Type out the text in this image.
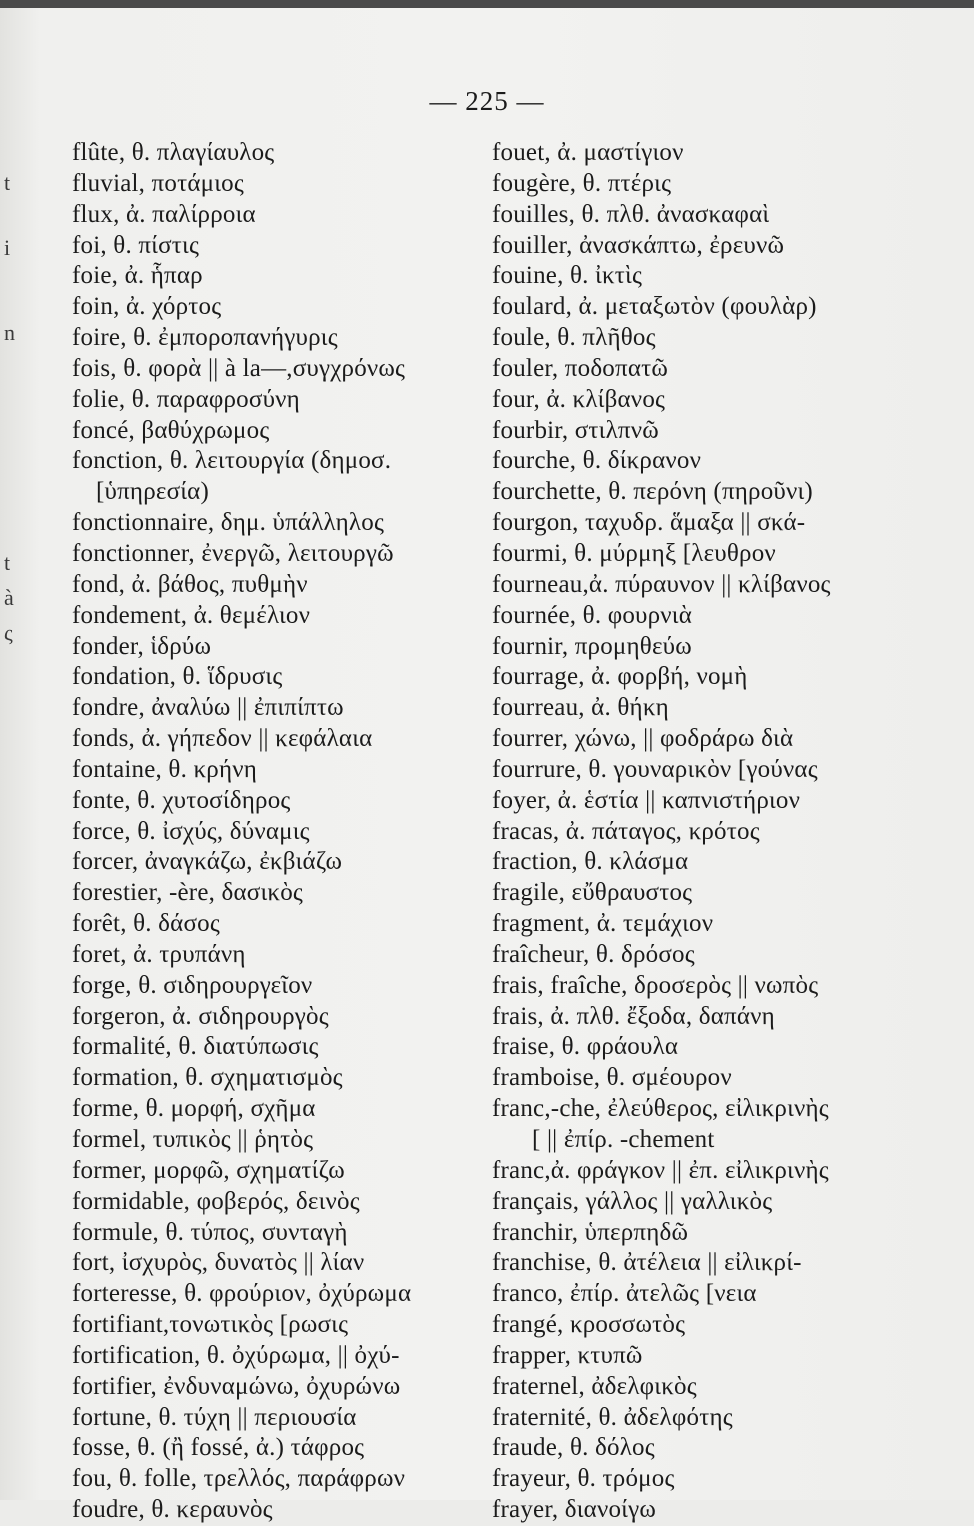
t
i
n
t
à
ς
— 225 —
flûte, θ. πλαγίαυλος
fluvial, ποτάμιος
flux, ἀ. παλίρροια
foi, θ. πίστις
foie, ἀ. ἧπαρ
foin, ἀ. χόρτος
foire, θ. ἐμποροπανήγυρις
fois, θ. φορὰ || à la—,συγχρόνως
folie, θ. παραφροσύνη
foncé, βαθύχρωμος
fonction, θ. λειτουργία (δημοσ.
[ὑπηρεσία)
fonctionnaire, δημ. ὑπάλληλος
fonctionner, ἐνεργῶ, λειτουργῶ
fond, ἀ. βάθος, πυθμὴν
fondement, ἀ. θεμέλιον
fonder, ἱδρύω
fondation, θ. ἵδρυσις
fondre, ἀναλύω || ἐπιπίπτω
fonds, ἀ. γήπεδον || κεφάλαια
fontaine, θ. κρήνη
fonte, θ. χυτοσίδηρος
force, θ. ἰσχύς, δύναμις
forcer, ἀναγκάζω, ἐκβιάζω
forestier, -ère, δασικὸς
forêt, θ. δάσος
foret, ἀ. τρυπάνη
forge, θ. σιδηρουργεῖον
forgeron, ἀ. σιδηρουργὸς
formalité, θ. διατύπωσις
formation, θ. σχηματισμὸς
forme, θ. μορφή, σχῆμα
formel, τυπικὸς || ῥητὸς
former, μορφῶ, σχηματίζω
formidable, φοβερός, δεινὸς
formule, θ. τύπος, συνταγὴ
fort, ἰσχυρὸς, δυνατὸς || λίαν
forteresse, θ. φρούριον, ὀχύρωμα
fortifiant,τονωτικὸς [ρωσις
fortification, θ. ὀχύρωμα, || ὀχύ-
fortifier, ἐνδυναμώνω, ὀχυρώνω
fortune, θ. τύχη || περιουσία
fosse, θ. (ἢ fossé, ἀ.) τάφρος
fou, θ. folle, τρελλός, παράφρων
foudre, θ. κεραυνὸς
fouet, ἀ. μαστίγιον
fougère, θ. πτέρις
fouilles, θ. πλθ. ἀνασκαφαὶ
fouiller, ἀνασκάπτω, ἐρευνῶ
fouine, θ. ἰκτὶς
foulard, ἀ. μεταξωτὸν (φουλὰρ)
foule, θ. πλῆθος
fouler, ποδοπατῶ
four, ἀ. κλίβανος
fourbir, στιλπνῶ
fourche, θ. δίκρανον
fourchette, θ. περόνη (πηροῦνι)
fourgon, ταχυδρ. ἅμαξα || σκά-
fourmi, θ. μύρμηξ [λευθρον
fourneau,ἀ. πύραυνον || κλίβανος
fournée, θ. φουρνιὰ
fournir, προμηθεύω
fourrage, ἀ. φορβή, νομὴ
fourreau, ἀ. θήκη
fourrer, χώνω, || φοδράρω διὰ
fourrure, θ. γουναρικὸν [γούνας
foyer, ἀ. ἑστία || καπνιστήριον
fracas, ἀ. πάταγος, κρότος
fraction, θ. κλάσμα
fragile, εὔθραυστος
fragment, ἀ. τεμάχιον
fraîcheur, θ. δρόσος
frais, fraîche, δροσερὸς || νωπὸς
frais, ἀ. πλθ. ἔξοδα, δαπάνη
fraise, θ. φράουλα
framboise, θ. σμέουρον
franc,-che, ἐλεύθερος, εἰλικρινὴς
[ || ἐπίρ. -chement
franc,ἀ. φράγκον || ἐπ. εἰλικρινὴς
français, γάλλος || γαλλικὸς
franchir, ὑπερπηδῶ
franchise, θ. ἀτέλεια || εἰλικρί-
franco, ἐπίρ. ἀτελῶς [νεια
frangé, κροσσωτὸς
frapper, κτυπῶ
fraternel, ἀδελφικὸς
fraternité, θ. ἀδελφότης
fraude, θ. δόλος
frayeur, θ. τρόμος
frayer, διανοίγω
